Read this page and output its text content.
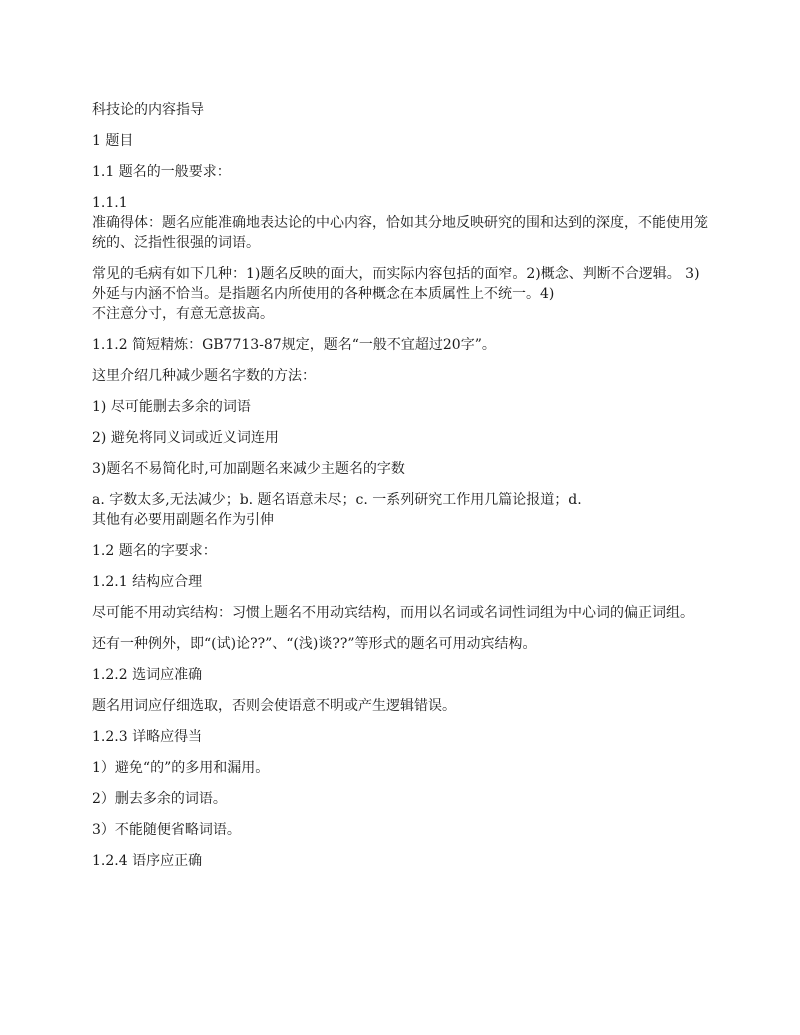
科技论的内容指导

1 题目

1.1 题名的一般要求：

1.1.1
准确得体：题名应能准确地表达论的中心内容，恰如其分地反映研究的围和达到的深度，不能使用笼统的、泛指性很强的词语。

常见的毛病有如下几种：1)题名反映的面大，而实际内容包括的面窄。2)概念、判断不合逻辑。 3)外延与内涵不恰当。是指题名内所使用的各种概念在本质属性上不统一。4)
不注意分寸，有意无意拔高。

1.1.2 简短精炼：GB7713-87规定，题名“一般不宜超过20字”。

这里介绍几种减少题名字数的方法：

1) 尽可能删去多余的词语

2) 避免将同义词或近义词连用

3)题名不易简化时,可加副题名来减少主题名的字数

a. 字数太多,无法减少；b. 题名语意未尽；c. 一系列研究工作用几篇论报道；d.
其他有必要用副题名作为引伸

1.2 题名的字要求：

1.2.1 结构应合理

尽可能不用动宾结构：习惯上题名不用动宾结构，而用以名词或名词性词组为中心词的偏正词组。

还有一种例外，即“(试)论??”、“(浅)谈??”等形式的题名可用动宾结构。

1.2.2 选词应准确

题名用词应仔细选取，否则会使语意不明或产生逻辑错误。

1.2.3 详略应得当

1）避免“的”的多用和漏用。

2）删去多余的词语。

3）不能随便省略词语。

1.2.4 语序应正确
